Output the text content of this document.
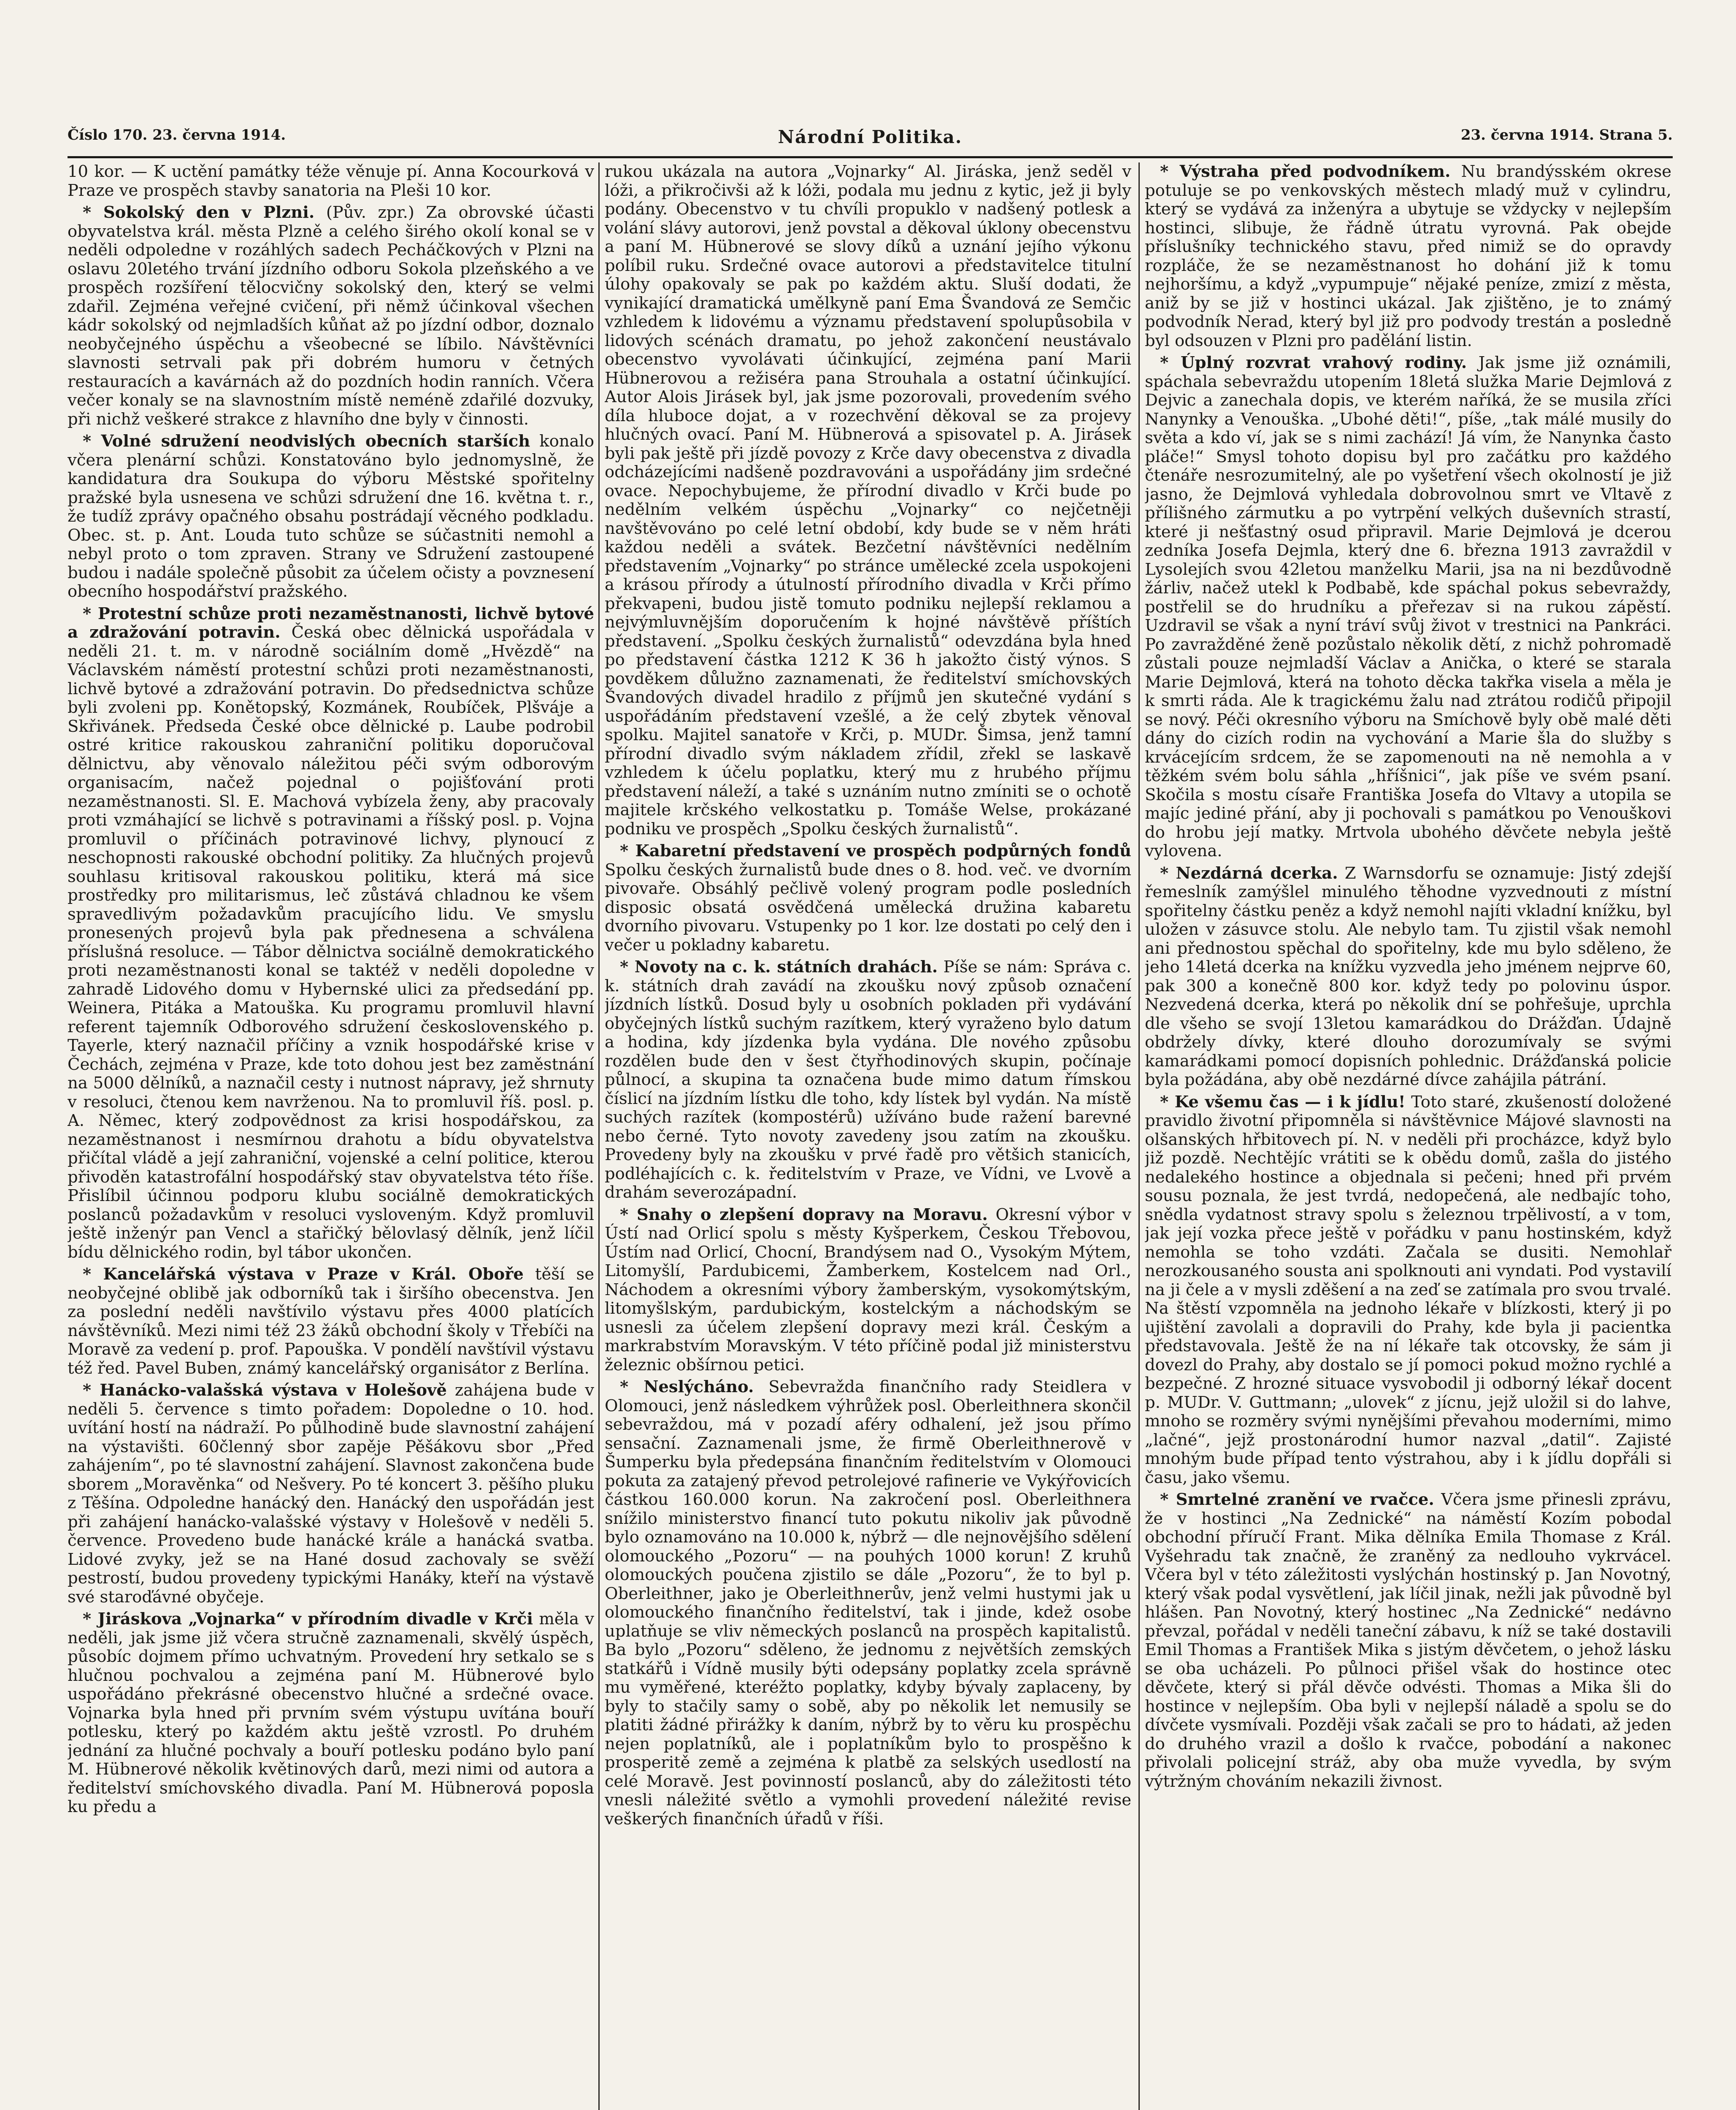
Číslo 170. 23. června 1914.	Národní Politika.	23. června 1914. Strana 5.

10 kor. — K uctění památky téže věnuje pí. Anna Kocourková v Praze ve prospěch stavby sanatoria na Pleši 10 kor.

* Sokolský den v Plzni. (Pův. zpr.) Za obrovské účasti obyvatelstva král. města Plzně a celého širého okolí konal se v neděli odpoledne v rozáhlých sadech Pecháčkových v Plzni na oslavu 20letého trvání jízdního odboru Sokola plzeňského a ve prospěch rozšíření tělocvičny sokolský den, který se velmi zdařil. Zejména veřejné cvičení, při němž účinkoval všechen kádr sokolský od nejmladších kůňat až po jízdní odbor, doznalo neobyčejného úspěchu a všeobecné se líbilo. Návštěvníci slavnosti setrvali pak při dobrém humoru v četných restauracích a kavárnách až do pozdních hodin ranních. Včera večer konaly se na slavnostním místě neméně zdařilé dozvuky, při nichž veškeré strakce z hlavního dne byly v činnosti.

* Volné sdružení neodvislých obecních starších konalo včera plenární schůzi. Konstatováno bylo jednomyslně, že kandidatura dra Soukupa do výboru Městské spořitelny pražské byla usnesena ve schůzi sdružení dne 16. května t. r., že tudíž zprávy opačného obsahu postrádají věcného podkladu. Obec. st. p. Ant. Louda tuto schůze se súčastniti nemohl a nebyl proto o tom zpraven. Strany ve Sdružení zastoupené budou i nadále společně působit za účelem očisty a povznesení obecního hospodářství pražského.

* Protestní schůze proti nezaměstnanosti, lichvě bytové a zdražování potravin. Česká obec dělnická uspořádala v neděli 21. t. m. v národně sociálním domě „Hvězdě“ na Václavském náměstí protestní schůzi proti nezaměstnanosti, lichvě bytové a zdražování potravin. Do předsednictva schůze byli zvoleni pp. Konětopský, Kozmánek, Roubíček, Plšváje a Skřivánek. Předseda České obce dělnické p. Laube podrobil ostré kritice rakouskou zahraniční politiku doporučoval dělnictvu, aby věnovalo náležitou péči svým odborovým organisacím, načež pojednal o pojišťování proti nezaměstnanosti. Sl. E. Machová vybízela ženy, aby pracovaly proti vzmáhající se lichvě s potravinami a říšský posl. p. Vojna promluvil o příčinách potravinové lichvy, plynoucí z neschopnosti rakouské obchodní politiky. Za hlučných projevů souhlasu kritisoval rakouskou politiku, která má sice prostředky pro militarismus, leč zůstává chladnou ke všem spravedlivým požadavkům pracujícího lidu. Ve smyslu pronesených projevů byla pak přednesena a schválena příslušná resoluce. — Tábor dělnictva sociálně demokratického proti nezaměstnanosti konal se taktéž v neděli dopoledne v zahradě Lidového domu v Hybernské ulici za předsedání pp. Weinera, Pitáka a Matouška. Ku programu promluvil hlavní referent tajemník Odborového sdružení československého p. Tayerle, který naznačil příčiny a vznik hospodářské krise v Čechách, zejména v Praze, kde toto dohou jest bez zaměstnání na 5000 dělníků, a naznačil cesty i nutnost nápravy, jež shrnuty v resoluci, čtenou kem navrženou. Na to promluvil říš. posl. p. A. Němec, který zodpovědnost za krisi hospodářskou, za nezaměstnanost i nesmírnou drahotu a bídu obyvatelstva přičítal vládě a její zahraniční, vojenské a celní politice, kterou přivoděn katastrofální hospodářský stav obyvatelstva této říše. Přislíbil účinnou podporu klubu sociálně demokratických poslanců požadavkům v resoluci vysloveným. Když promluvil ještě inženýr pan Vencl a stařičký bělovlasý dělník, jenž líčil bídu dělnického rodin, byl tábor ukončen.

* Kancelářská výstava v Praze v Král. Oboře těší se neobyčejné oblibě jak odborníků tak i širšího obecenstva. Jen za poslední neděli navštívilo výstavu přes 4000 platících návštěvníků. Mezi nimi též 23 žáků obchodní školy v Třebíči na Moravě za vedení p. prof. Papouška. V pondělí navštívil výstavu též řed. Pavel Buben, známý kancelářský organisátor z Berlína.

* Hanácko-valašská výstava v Holešově zahájena bude v neděli 5. července s timto pořadem: Dopoledne o 10. hod. uvítání hostí na nádraží. Po půlhodině bude slavnostní zahájení na výstavišti. 60členný sbor zapěje Pěšákovu sbor „Před zahájením“, po té slavnostní zahájení. Slavnost zakončena bude sborem „Moravěnka“ od Nešvery. Po té koncert 3. pěšího pluku z Těšína. Odpoledne hanácký den. Hanácký den uspořádán jest při zahájení hanácko-valašské výstavy v Holešově v neděli 5. července. Provedeno bude hanácké krále a hanácká svatba. Lidové zvyky, jež se na Hané dosud zachovaly se svěží pestrostí, budou provedeny typickými Hanáky, kteří na výstavě své staroďávné obyčeje.

* Jiráskova „Vojnarka“ v přírodním divadle v Krči měla v neděli, jak jsme již včera stručně zaznamenali, skvělý úspěch, působíc dojmem přímo uchvatným. Provedení hry setkalo se s hlučnou pochvalou a zejména paní M. Hübnerové bylo uspořádáno překrásné obecenstvo hlučné a srdečné ovace. Vojnarka byla hned při prvním svém výstupu uvítána bouří potlesku, který po každém aktu ještě vzrostl. Po druhém jednání za hlučné pochvaly a bouří potlesku podáno bylo paní M. Hübnerové několik květinových darů, mezi nimi od autora a ředitelství smíchovského divadla. Paní M. Hübnerová poposla ku předu a

rukou ukázala na autora „Vojnarky“ Al. Jiráska, jenž seděl v lóži, a přikročivši až k lóži, podala mu jednu z kytic, jež ji byly podány. Obecenstvo v tu chvíli propuklo v nadšený potlesk a volání slávy autorovi, jenž povstal a děkoval úklony obecenstvu a paní M. Hübnerové se slovy díků a uznání jejího výkonu políbil ruku. Srdečné ovace autorovi a představitelce titulní úlohy opakovaly se pak po každém aktu. Sluší dodati, že vynikající dramatická umělkyně paní Ema Švandová ze Semčic vzhledem k lidovému a významu představení spolupůsobila v lidových scénách dramatu, po jehož zakončení neustávalo obecenstvo vyvolávati účinkující, zejména paní Marii Hübnerovou a režiséra pana Strouhala a ostatní účinkující. Autor Alois Jirásek byl, jak jsme pozorovali, provedením svého díla hluboce dojat, a v rozechvění děkoval se za projevy hlučných ovací. Paní M. Hübnerová a spisovatel p. A. Jirásek byli pak ještě při jízdě povozy z Krče davy obecenstva z divadla odcházejícími nadšeně pozdravováni a uspořádány jim srdečné ovace. Nepochybujeme, že přírodní divadlo v Krči bude po nedělním velkém úspěchu „Vojnarky“ co nejčetněji navštěvováno po celé letní období, kdy bude se v něm hráti každou neděli a svátek. Bezčetní návštěvníci nedělním představením „Vojnarky“ po stránce umělecké zcela uspokojeni a krásou přírody a útulností přírodního divadla v Krči přímo překvapeni, budou jistě tomuto podniku nejlepší reklamou a nejvýmluvnějším doporučením k hojné návštěvě příštích představení. „Spolku českých žurnalistů“ odevzdána byla hned po představení částka 1212 K 36 h jakožto čistý výnos. S povděkem důlužno zaznamenati, že ředitelství smíchovských Švandových divadel hradilo z příjmů jen skutečné vydání s uspořádáním představení vzešlé, a že celý zbytek věnoval spolku. Majitel sanatoře v Krči, p. MUDr. Šimsa, jenž tamní přírodní divadlo svým nákladem zřídil, zřekl se laskavě vzhledem k účelu poplatku, který mu z hrubého příjmu představení náleží, a také s uznáním nutno zmíniti se o ochotě majitele krčského velkostatku p. Tomáše Welse, prokázané podniku ve prospěch „Spolku českých žurnalistů“.

* Kabaretní představení ve prospěch podpůrných fondů Spolku českých žurnalistů bude dnes o 8. hod. več. ve dvorním pivovaře. Obsáhlý pečlivě volený program podle posledních disposic obsatá osvědčená umělecká družina kabaretu dvorního pivovaru. Vstupenky po 1 kor. lze dostati po celý den i večer u pokladny kabaretu.

* Novoty na c. k. státních drahách. Píše se nám: Správa c. k. státních drah zavádí na zkoušku nový způsob označení jízdních lístků. Dosud byly u osobních pokladen při vydávání obyčejných lístků suchým razítkem, který vyraženo bylo datum a hodina, kdy jízdenka byla vydána. Dle nového způsobu rozdělen bude den v šest čtyřhodinových skupin, počínaje půlnocí, a skupina ta označena bude mimo datum římskou číslicí na jízdním lístku dle toho, kdy lístek byl vydán. Na místě suchých razítek (kompostérů) užíváno bude ražení barevné nebo černé. Tyto novoty zavedeny jsou zatím na zkoušku. Provedeny byly na zkoušku v prvé řadě pro většich stanicích, podléhajících c. k. ředitelstvím v Praze, ve Vídni, ve Lvově a drahám severozápadní.

* Snahy o zlepšení dopravy na Moravu. Okresní výbor v Ústí nad Orlicí spolu s městy Kyšperkem, Českou Třebovou, Ústím nad Orlicí, Chocní, Brandýsem nad O., Vysokým Mýtem, Litomyšlí, Pardubicemi, Žamberkem, Kostelcem nad Orl., Náchodem a okresními výbory žamberským, vysokomýtským, litomyšlským, pardubickým, kostelckým a náchodským se usnesli za účelem zlepšení dopravy mezi král. Českým a markrabstvím Moravským. V této příčině podal již ministerstvu železnic obšírnou petici.

* Neslýcháno. Sebevražda finančního rady Steidlera v Olomouci, jenž následkem výhrůžek posl. Oberleithnera skončil sebevraždou, má v pozadí aféry odhalení, jež jsou přímo sensační. Zaznamenali jsme, že firmě Oberleithnerově v Šumperku byla předepsána finančním ředitelstvím v Olomouci pokuta za zatajený převod petrolejové rafinerie ve Vykýřovicích částkou 160.000 korun. Na zakročení posl. Oberleithnera snížilo ministerstvo financí tuto pokutu nikoliv jak původně bylo oznamováno na 10.000 k, nýbrž — dle nejnovějšího sdělení olomouckého „Pozoru“ — na pouhých 1000 korun! Z kruhů olomouckých poučena zjistilo se dále „Pozoru“, že to byl p. Oberleithner, jako je Oberleithnerův, jenž velmi hustymi jak u olomouckého finančního ředitelství, tak i jinde, kdež osobe uplatňuje se vliv německých poslanců na prospěch kapitalistů. Ba bylo „Pozoru“ sděleno, že jednomu z největších zemských statkářů i Vídně musily býti odepsány poplatky zcela správně mu vyměřené, kteréžto poplatky, kdyby bývaly zaplaceny, by byly to stačily samy o sobě, aby po několik let nemusily se platiti žádné přirážky k daním, nýbrž by to věru ku prospěchu nejen poplatníků, ale i poplatníkům bylo to prospěšno k prosperitě země a zejména k platbě za selských usedlostí na celé Moravě. Jest povinností poslanců, aby do záležitosti této vnesli náležité světlo a vymohli provedení náležité revise veškerých finančních úřadů v říši.

* Výstraha před podvodníkem. Nu brandýsském okrese potuluje se po venkovských městech mladý muž v cylindru, který se vydává za inženýra a ubytuje se vždycky v nejlepším hostinci, slibuje, že řádně útratu vyrovná. Pak obejde příslušníky technického stavu, před nimiž se do opravdy rozpláče, že se nezaměstnanost ho dohání již k tomu nejhoršímu, a když „vypumpuje“ nějaké peníze, zmizí z města, aniž by se již v hostinci ukázal. Jak zjištěno, je to známý podvodník Nerad, který byl již pro podvody trestán a posledně byl odsouzen v Plzni pro padělání listin.

* Úplný rozvrat vrahový rodiny. Jak jsme již oznámili, spáchala sebevraždu utopením 18letá služka Marie Dejmlová z Dejvic a zanechala dopis, ve kterém naříká, že se musila zříci Nanynky a Venouška. „Ubohé děti!“, píše, „tak málé musily do světa a kdo ví, jak se s nimi zachází! Já vím, že Nanynka často pláče!“ Smysl tohoto dopisu byl pro začátku pro každého čtenáře nesrozumitelný, ale po vyšetření všech okolností je již jasno, že Dejmlová vyhledala dobrovolnou smrt ve Vltavě z přílišného zármutku a po vytrpění velkých duševních strastí, které ji nešťastný osud připravil. Marie Dejmlová je dcerou zedníka Josefa Dejmla, který dne 6. března 1913 zavraždil v Lysolejích svou 42letou manželku Marii, jsa na ni bezdůvodně žárliv, načež utekl k Podbabě, kde spáchal pokus sebevraždy, postřelil se do hrudníku a přeřezav si na rukou zápěstí. Uzdravil se však a nyní tráví svůj život v trestnici na Pankráci. Po zavražděné ženě pozůstalo několik dětí, z nichž pohromadě zůstali pouze nejmladší Václav a Anička, o které se starala Marie Dejmlová, která na tohoto děcka takřka visela a měla je k smrti ráda. Ale k tragickému žalu nad ztrátou rodičů připojil se nový. Péči okresního výboru na Smíchově byly obě malé děti dány do cizích rodin na vychování a Marie šla do služby s krvácejícím srdcem, že se zapomenouti na ně nemohla a v těžkém svém bolu sáhla „hříšnici“, jak píše ve svém psaní. Skočila s mostu císaře Františka Josefa do Vltavy a utopila se majíc jediné přání, aby ji pochovali s památkou po Venouškovi do hrobu její matky. Mrtvola ubohého děvčete nebyla ještě vylovena.

* Nezdárná dcerka. Z Warnsdorfu se oznamuje: Jistý zdejší řemeslník zamýšlel minulého těhodne vyzvednouti z místní spořitelny částku peněz a když nemohl najíti vkladní knížku, byl uložen v zásuvce stolu. Ale nebylo tam. Tu zjistil však nemohl ani přednostou spěchal do spořitelny, kde mu bylo sděleno, že jeho 14letá dcerka na knížku vyzvedla jeho jménem nejprve 60, pak 300 a konečně 800 kor. když tedy po polovinu úspor. Nezvedená dcerka, která po několik dní se pohřešuje, uprchla dle všeho se svojí 13letou kamarádkou do Drážďan. Údajně obdržely dívky, které dlouho dorozumívaly se svými kamarádkami pomocí dopisních pohlednic. Drážďanská policie byla požádána, aby obě nezdárné dívce zahájila pátrání.

* Ke všemu čas — i k jídlu! Toto staré, zkušeností doložené pravidlo životní připomněla si návštěvnice Májové slavnosti na olšanských hřbitovech pí. N. v neděli při procházce, když bylo již pozdě. Nechtějíc vrátiti se k obědu domů, zašla do jistého nedalekého hostince a objednala si pečeni; hned při prvém sousu poznala, že jest tvrdá, nedopečená, ale nedbajíc toho, snědla vydatnost stravy spolu s železnou trpělivostí, a v tom, jak její vozka přece ještě v pořádku v panu hostinském, když nemohla se toho vzdáti. Začala se dusiti. Nemohlař nerozkousaného sousta ani spolknouti ani vyndati. Pod vystavilí na ji čele a v mysli zděšení a na zeď se zatímala pro svou trvalé. Na štěstí vzpomněla na jednoho lékaře v blízkosti, který ji po ujištění zavolali a dopravili do Prahy, kde byla ji pacientka představovala. Ještě že na ní lékaře tak otcovsky, že sám ji dovezl do Prahy, aby dostalo se jí pomoci pokud možno rychlé a bezpečné. Z hrozné situace vysvobodil ji odborný lékař docent p. MUDr. V. Guttmann; „ulovek“ z jícnu, jejž uložil si do lahve, mnoho se rozměry svými nynějšími převahou moderními, mimo „lačné“, jejž prostonárodní humor nazval „datil“. Zajisté mnohým bude případ tento výstrahou, aby i k jídlu dopřáli si času, jako všemu.

* Smrtelné zranění ve rvačce. Včera jsme přinesli zprávu, že v hostinci „Na Zednické“ na náměstí Kozím pobodal obchodní příručí Frant. Mika dělníka Emila Thomase z Král. Vyšehradu tak značně, že zraněný za nedlouho vykrvácel. Včera byl v této záležitosti vyslýchán hostinský p. Jan Novotný, který však podal vysvětlení, jak líčil jinak, nežli jak původně byl hlášen. Pan Novotný, který hostinec „Na Zednické“ nedávno převzal, pořádal v neděli taneční zábavu, k níž se také dostavili Emil Thomas a František Mika s jistým děvčetem, o jehož lásku se oba ucházeli. Po půlnoci přišel však do hostince otec děvčete, který si přál děvče odvésti. Thomas a Mika šli do hostince v nejlepším. Oba byli v nejlepší náladě a spolu se do dívčete vysmívali. Později však začali se pro to hádati, až jeden do druhého vrazil a došlo k rvačce, pobodání a nakonec přivolali policejní stráž, aby oba muže vyvedla, by svým výtržným chováním nekazili živnost.
